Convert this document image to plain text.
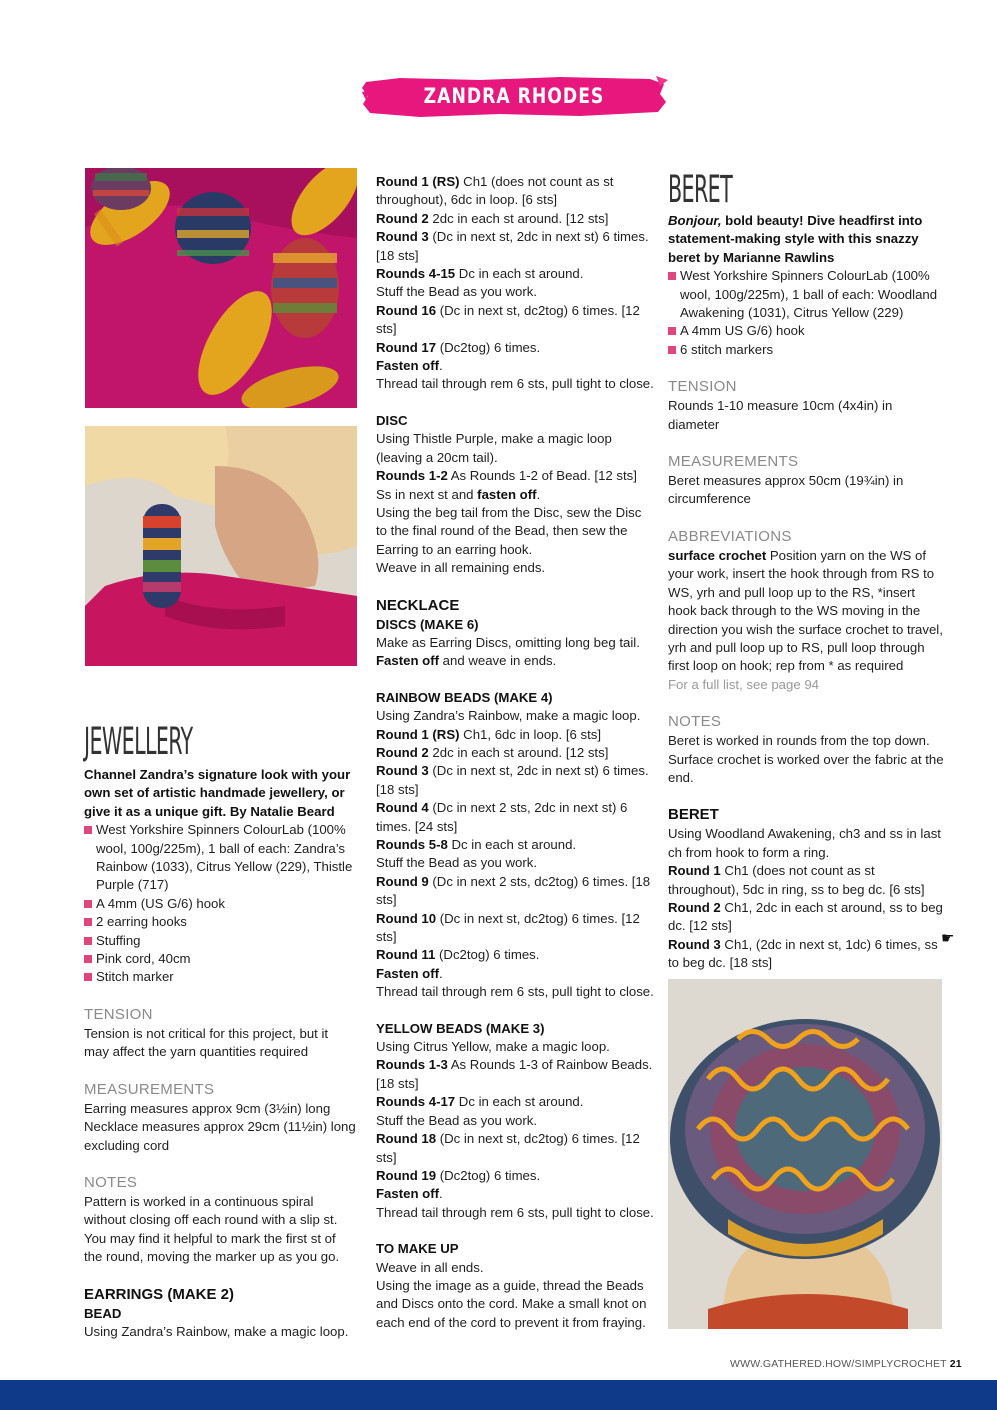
ZANDRA RHODES COLLECTION

JEWELLERY

Channel Zandra’s signature look with your own set of artistic handmade jewellery, or give it as a unique gift. By Natalie Beard

West Yorkshire Spinners ColourLab (100% wool, 100g/225m), 1 ball of each: Zandra’s Rainbow (1033), Citrus Yellow (229), Thistle Purple (717)
A 4mm (US G/6) hook
2 earring hooks
Stuffing
Pink cord, 40cm
Stitch marker

TENSION

Tension is not critical for this project, but it may affect the yarn quantities required

MEASUREMENTS

Earring measures approx 9cm (3½in) long

Necklace measures approx 29cm (11½in) long excluding cord

NOTES

Pattern is worked in a continuous spiral without closing off each round with a slip st. You may find it helpful to mark the first st of the round, moving the marker up as you go.

EARRINGS (MAKE 2)

BEAD

Using Zandra’s Rainbow, make a magic loop.

Round 1 (RS) Ch1 (does not count as st throughout), 6dc in loop. [6 sts]

Round 2 2dc in each st around. [12 sts]

Round 3 (Dc in next st, 2dc in next st) 6 times. [18 sts]

Rounds 4-15 Dc in each st around.

Stuff the Bead as you work.

Round 16 (Dc in next st, dc2tog) 6 times. [12 sts]

Round 17 (Dc2tog) 6 times.

Fasten off.

Thread tail through rem 6 sts, pull tight to close.

DISC

Using Thistle Purple, make a magic loop (leaving a 20cm tail).

Rounds 1-2 As Rounds 1-2 of Bead. [12 sts]

Ss in next st and fasten off.

Using the beg tail from the Disc, sew the Disc to the final round of the Bead, then sew the Earring to an earring hook.

Weave in all remaining ends.

NECKLACE

DISCS (MAKE 6)

Make as Earring Discs, omitting long beg tail.

Fasten off and weave in ends.

RAINBOW BEADS (MAKE 4)

Using Zandra’s Rainbow, make a magic loop.

Round 1 (RS) Ch1, 6dc in loop. [6 sts]

Round 2 2dc in each st around. [12 sts]

Round 3 (Dc in next st, 2dc in next st) 6 times. [18 sts]

Round 4 (Dc in next 2 sts, 2dc in next st) 6 times. [24 sts]

Rounds 5-8 Dc in each st around.

Stuff the Bead as you work.

Round 9 (Dc in next 2 sts, dc2tog) 6 times. [18 sts]

Round 10 (Dc in next st, dc2tog) 6 times. [12 sts]

Round 11 (Dc2tog) 6 times.

Fasten off.

Thread tail through rem 6 sts, pull tight to close.

YELLOW BEADS (MAKE 3)

Using Citrus Yellow, make a magic loop.

Rounds 1-3 As Rounds 1-3 of Rainbow Beads. [18 sts]

Rounds 4-17 Dc in each st around.

Stuff the Bead as you work.

Round 18 (Dc in next st, dc2tog) 6 times. [12 sts]

Round 19 (Dc2tog) 6 times.

Fasten off.

Thread tail through rem 6 sts, pull tight to close.

TO MAKE UP

Weave in all ends.

Using the image as a guide, thread the Beads and Discs onto the cord. Make a small knot on each end of the cord to prevent it from fraying.

BERET

Bonjour, bold beauty! Dive headfirst into statement-making style with this snazzy beret by Marianne Rawlins

West Yorkshire Spinners ColourLab (100% wool, 100g/225m), 1 ball of each: Woodland Awakening (1031), Citrus Yellow (229)
A 4mm US G/6) hook
6 stitch markers

TENSION

Rounds 1-10 measure 10cm (4x4in) in diameter

MEASUREMENTS

Beret measures approx 50cm (19¾in) in circumference

ABBREVIATIONS

surface crochet Position yarn on the WS of your work, insert the hook through from RS to WS, yrh and pull loop up to the RS, *insert hook back through to the WS moving in the direction you wish the surface crochet to travel, yrh and pull loop up to RS, pull loop through first loop on hook; rep from * as required

For a full list, see page 94

NOTES

Beret is worked in rounds from the top down. Surface crochet is worked over the fabric at the end.

BERET

Using Woodland Awakening, ch3 and ss in last ch from hook to form a ring.

Round 1 Ch1 (does not count as st throughout), 5dc in ring, ss to beg dc. [6 sts]

Round 2 Ch1, 2dc in each st around, ss to beg dc. [12 sts]

Round 3 Ch1, (2dc in next st, 1dc) 6 times, ss to beg dc. [18 sts]

☛
WWW.GATHERED.HOW/SIMPLYCROCHET 21
